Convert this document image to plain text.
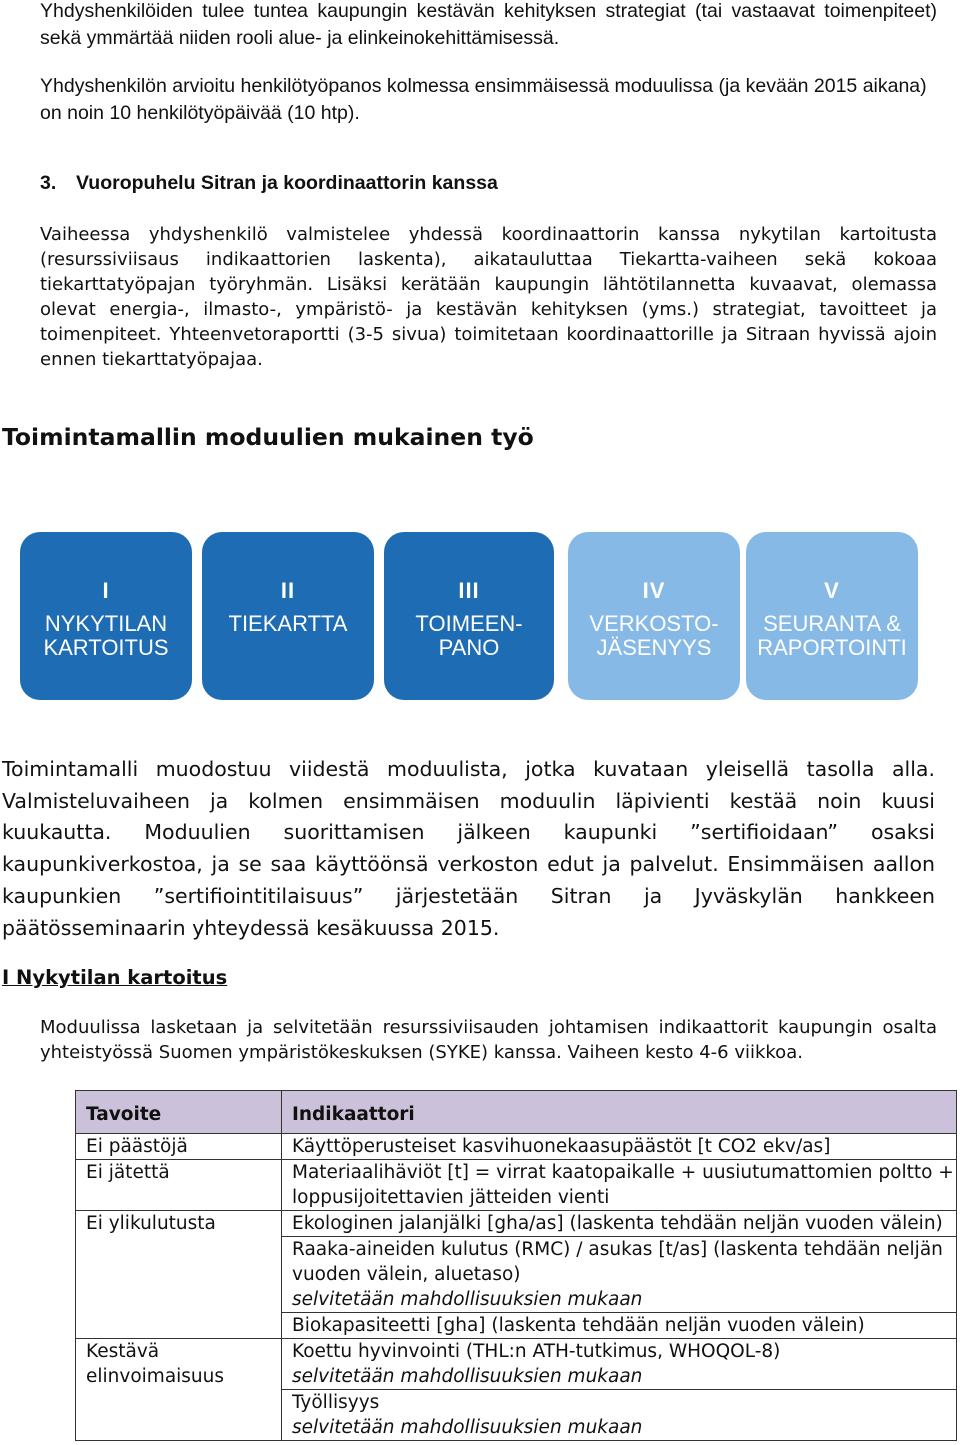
Yhdyshenkilöiden tulee tuntea kaupungin kestävän kehityksen strategiat (tai vastaavat toimenpiteet) sekä ymmärtää niiden rooli alue- ja elinkeinokehittämisessä.

Yhdyshenkilön arvioitu henkilötyöpanos kolmessa ensimmäisessä moduulissa (ja kevään 2015 aikana) on noin 10 henkilötyöpäivää (10 htp).

3. Vuoropuhelu Sitran ja koordinaattorin kanssa

Vaiheessa yhdyshenkilö valmistelee yhdessä koordinaattorin kanssa nykytilan kartoitusta (resurssiviisaus indikaattorien laskenta), aikatauluttaa Tiekartta-vaiheen sekä kokoaa tiekarttatyöpajan työryhmän. Lisäksi kerätään kaupungin lähtötilannetta kuvaavat, olemassa olevat energia-, ilmasto-, ympäristö- ja kestävän kehityksen (yms.) strategiat, tavoitteet ja toimenpiteet. Yhteenvetoraportti (3-5 sivua) toimitetaan koordinaattorille ja Sitraan hyvissä ajoin ennen tiekarttatyöpajaa.

Toimintamallin moduulien mukainen työ
I
NYKYTILAN
KARTOITUS
II
TIEKARTTA
III
TOIMEEN-
PANO
IV
VERKOSTO-
JÄSENYYS
V
SEURANTA &
RAPORTOINTI

Toimintamalli muodostuu viidestä moduulista, jotka kuvataan yleisellä tasolla alla. Valmisteluvaiheen ja kolmen ensimmäisen moduulin läpivienti kestää noin kuusi kuukautta. Moduulien suorittamisen jälkeen kaupunki ”sertifioidaan” osaksi kaupunkiverkostoa, ja se saa käyttöönsä verkoston edut ja palvelut. Ensimmäisen aallon kaupunkien ”sertifiointitilaisuus” järjestetään Sitran ja Jyväskylän hankkeen päätösseminaarin yhteydessä kesäkuussa 2015.

I Nykytilan kartoitus

Moduulissa lasketaan ja selvitetään resurssiviisauden johtamisen indikaattorit kaupungin osalta yhteistyössä Suomen ympäristökeskuksen (SYKE) kanssa. Vaiheen kesto 4-6 viikkoa.

Tavoite	Indikaattori
Ei päästöjä	Käyttöperusteiset kasvihuonekaasupäästöt [t CO2 ekv/as]
Ei jätettä	Materiaalihäviöt [t] = virrat kaatopaikalle + uusiutumattomien poltto +
loppusijoitettavien jätteiden vienti

Ei ylikulutusta	Ekologinen jalanjälki [gha/as] (laskenta tehdään neljän vuoden välein)

	Raaka-aineiden kulutus (RMC) / asukas [t/as] (laskenta tehdään neljän
vuoden välein, aluetaso)
selvitetään mahdollisuuksien mukaan

	Biokapasiteetti [gha] (laskenta tehdään neljän vuoden välein)

Kestävä
elinvoimaisuus	Koettu hyvinvointi (THL:n ATH-tutkimus, WHOQOL-8)
selvitetään mahdollisuuksien mukaan

	Työllisyys
selvitetään mahdollisuuksien mukaan
